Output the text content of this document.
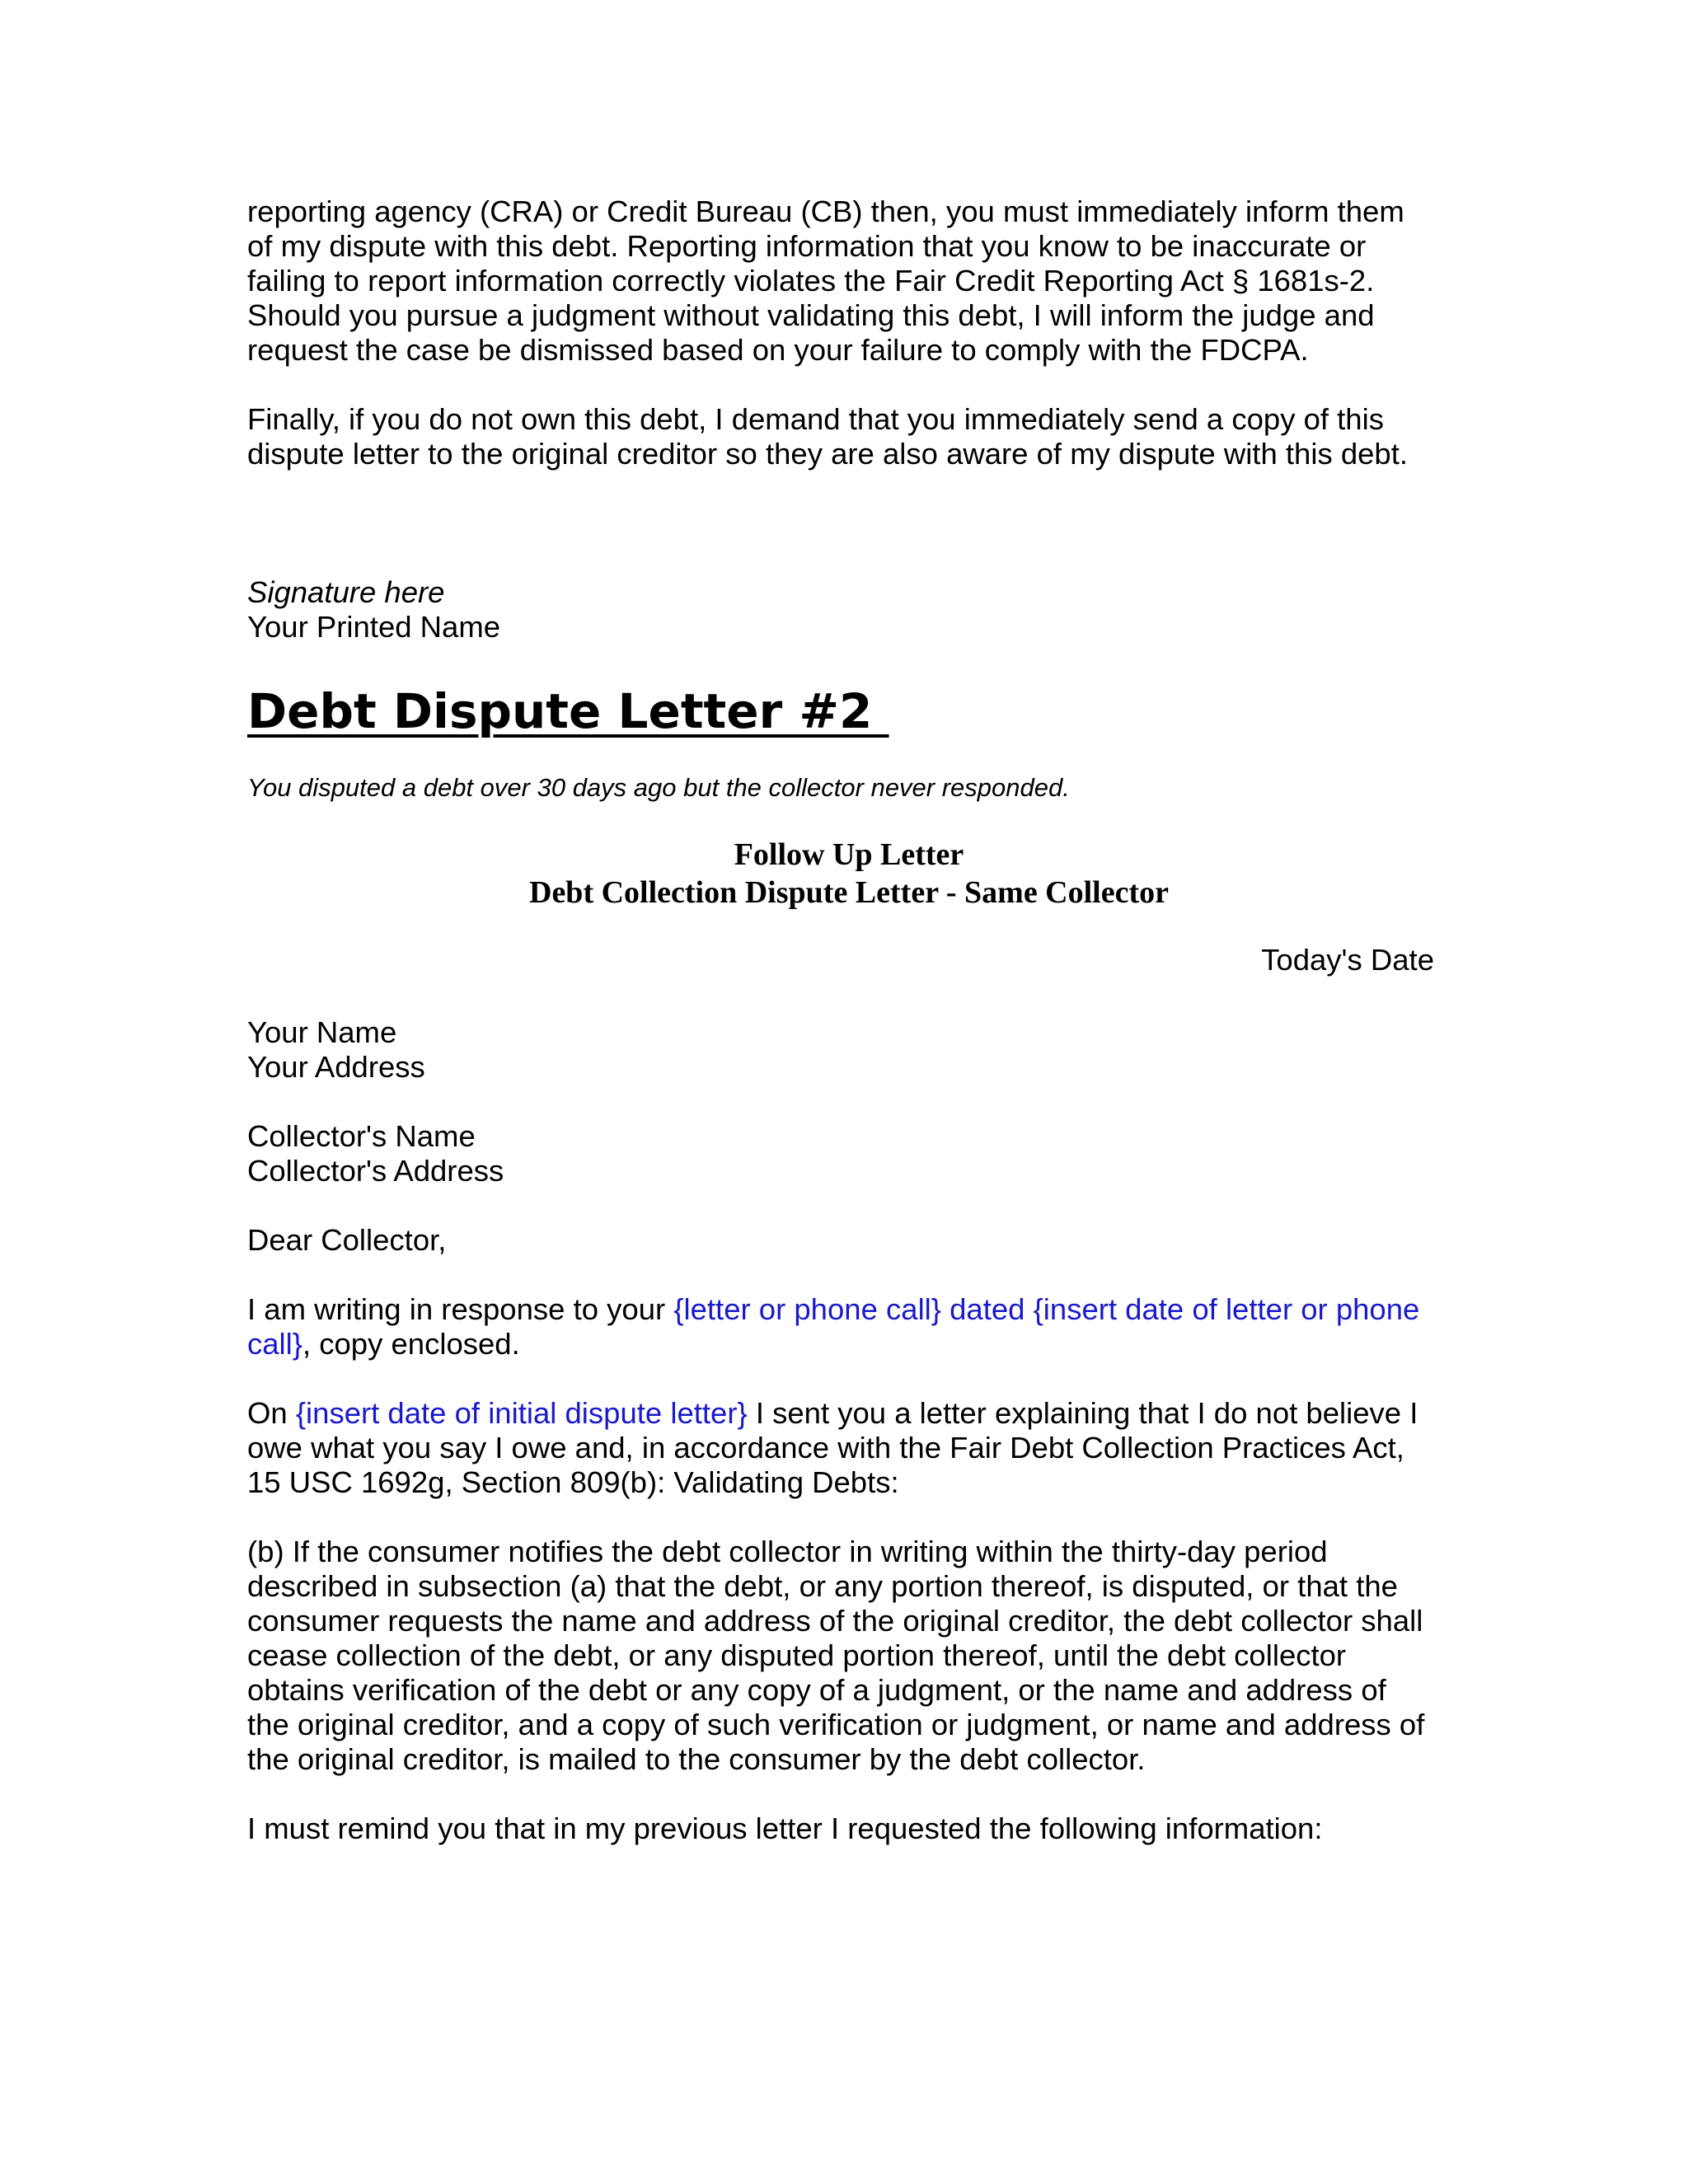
reporting agency (CRA) or Credit Bureau (CB) then, you must immediately inform them
of my dispute with this debt. Reporting information that you know to be inaccurate or
failing to report information correctly violates the Fair Credit Reporting Act § 1681s-2.
Should you pursue a judgment without validating this debt, I will inform the judge and
request the case be dismissed based on your failure to comply with the FDCPA.

Finally, if you do not own this debt, I demand that you immediately send a copy of this
dispute letter to the original creditor so they are also aware of my dispute with this debt.

Signature here
Your Printed Name
Debt Dispute Letter #2
You disputed a debt over 30 days ago but the collector never responded.
Follow Up Letter
Debt Collection Dispute Letter - Same Collector
Today's Date

Your Name
Your Address

Collector's Name
Collector's Address

Dear Collector,

I am writing in response to your {letter or phone call} dated {insert date of letter or phone
call}, copy enclosed.

On {insert date of initial dispute letter} I sent you a letter explaining that I do not believe I
owe what you say I owe and, in accordance with the Fair Debt Collection Practices Act,
15 USC 1692g, Section 809(b): Validating Debts:

(b) If the consumer notifies the debt collector in writing within the thirty-day period
described in subsection (a) that the debt, or any portion thereof, is disputed, or that the
consumer requests the name and address of the original creditor, the debt collector shall
cease collection of the debt, or any disputed portion thereof, until the debt collector
obtains verification of the debt or any copy of a judgment, or the name and address of
the original creditor, and a copy of such verification or judgment, or name and address of
the original creditor, is mailed to the consumer by the debt collector.

I must remind you that in my previous letter I requested the following information:
